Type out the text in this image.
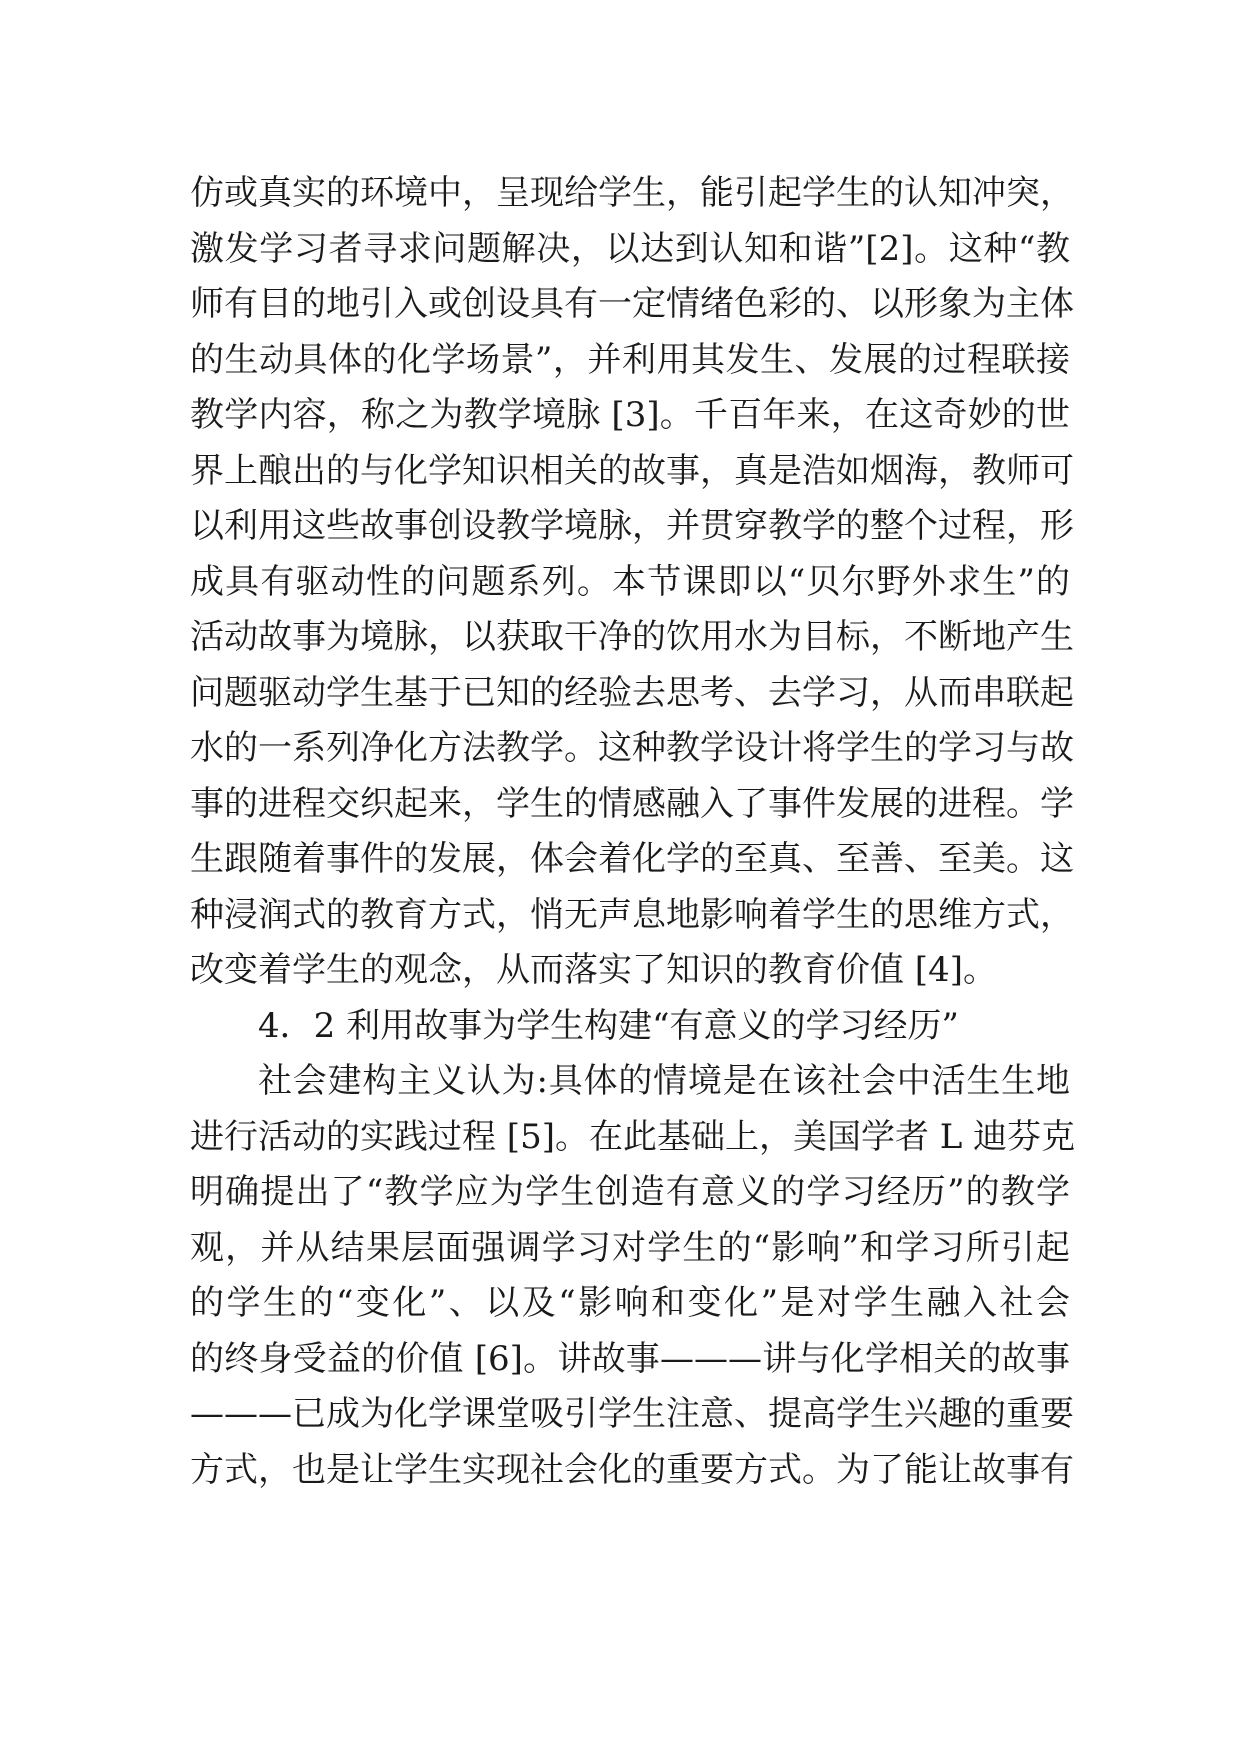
仿或真实的环境中，呈现给学生，能引起学生的认知冲突，
激发学习者寻求问题解决，以达到认知和谐”[2]。这种“教
师有目的地引入或创设具有一定情绪色彩的、以形象为主体
的生动具体的化学场景”，并利用其发生、发展的过程联接
教学内容，称之为教学境脉 [3]。千百年来，在这奇妙的世
界上酿出的与化学知识相关的故事，真是浩如烟海，教师可
以利用这些故事创设教学境脉，并贯穿教学的整个过程，形
成具有驱动性的问题系列。本节课即以“贝尔野外求生”的
活动故事为境脉，以获取干净的饮用水为目标，不断地产生
问题驱动学生基于已知的经验去思考、去学习，从而串联起
水的一系列净化方法教学。这种教学设计将学生的学习与故
事的进程交织起来，学生的情感融入了事件发展的进程。学
生跟随着事件的发展，体会着化学的至真、至善、至美。这
种浸润式的教育方式，悄无声息地影响着学生的思维方式，
改变着学生的观念，从而落实了知识的教育价值 [4]。
4．2 利用故事为学生构建“有意义的学习经历”
社会建构主义认为:具体的情境是在该社会中活生生地
进行活动的实践过程 [5]。在此基础上，美国学者 L 迪芬克
明确提出了“教学应为学生创造有意义的学习经历”的教学
观，并从结果层面强调学习对学生的“影响”和学习所引起
的学生的“变化”、以及“影响和变化”是对学生融入社会
的终身受益的价值 [6]。讲故事———讲与化学相关的故事
———已成为化学课堂吸引学生注意、提高学生兴趣的重要
方式，也是让学生实现社会化的重要方式。为了能让故事有
